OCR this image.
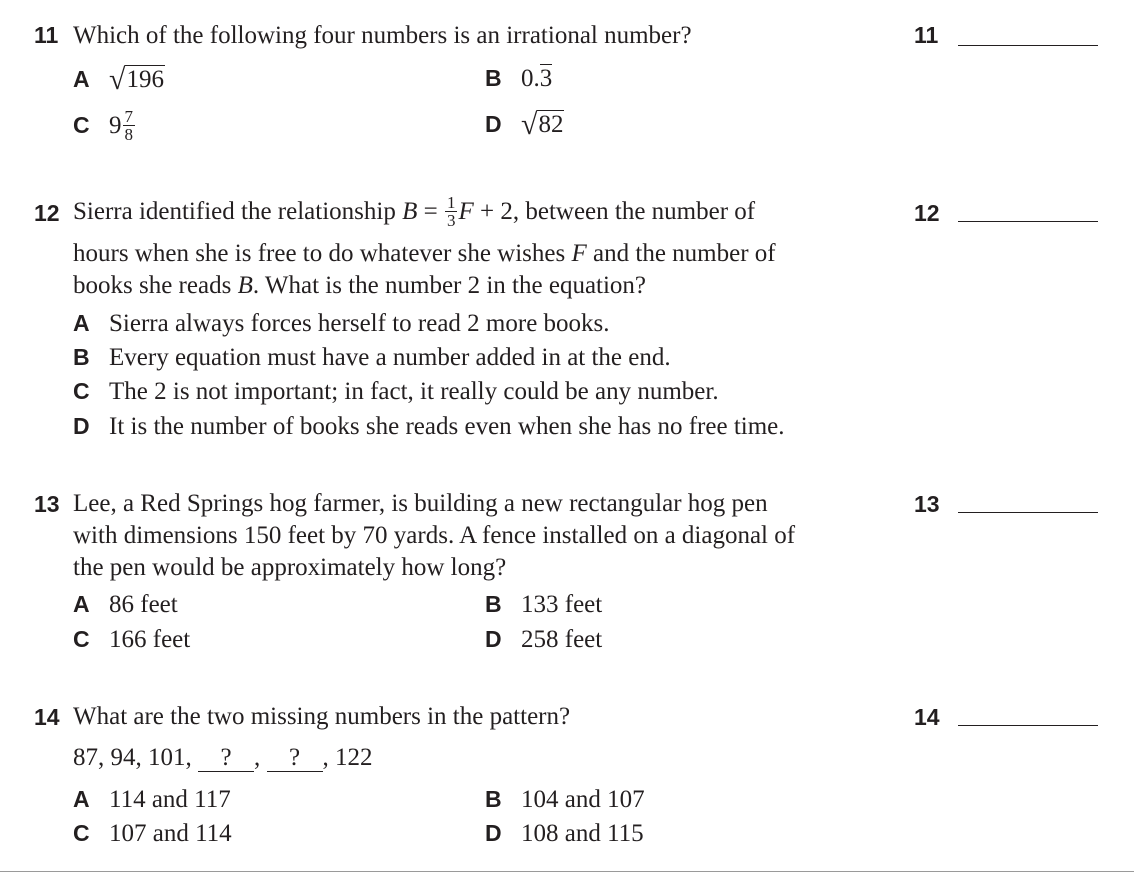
11 Which of the following four numbers is an irrational number?	11
A √196	B 0.3
C $9 \frac{7}{8}$	D √82
12 Sierra identified the relationship $B = \frac{1}{3}$ F + 2, between the number of
hours when she is free to do whatever she wishes F and the number of
books she reads B. What is the number 2 in the equation?
12
A Sierra always forces herself to read 2 more books.
B Every equation must have a number added in at the end.
C The 2 is not important; in fact, it really could be any number.
D It is the number of books she reads even when she has no free time.
13 Lee, a Red Springs hog farmer, is building a new rectangular hog pen
with dimensions 150 feet by 70 yards. A fence installed on a diagonal of
the pen would be approximately how long?
13
A 86 feet	B 133 feet
C 166 feet	D 258 feet
14 What are the two missing numbers in the pattern?	14
87, 94, 101, ? , ? , 122
A 114 and 117	B 104 and 107
C 107 and 114	D 108 and 115
